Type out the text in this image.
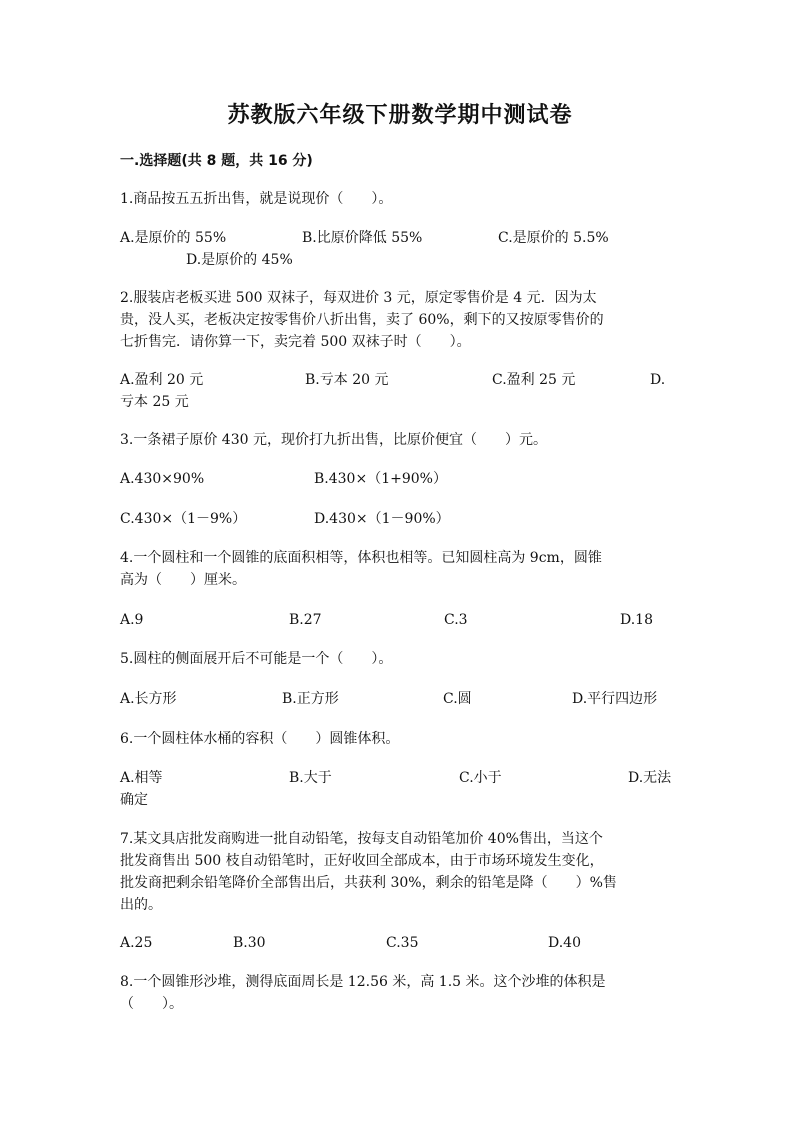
苏教版六年级下册数学期中测试卷
一.选择题(共 8 题，共 16 分)
1.商品按五五折出售，就是说现价（　　）。
A.是原价的 55%	B.比原价降低 55%	C.是原价的 5.5%
D.是原价的 45%
2.服装店老板买进 500 双袜子，每双进价 3 元，原定零售价是 4 元．因为太
贵，没人买，老板决定按零售价八折出售，卖了 60%，剩下的又按原零售价的
七折售完．请你算一下，卖完着 500 双袜子时（　　）。
A.盈利 20 元	B.亏本 20 元	C.盈利 25 元	D.
亏本 25 元
3.一条裙子原价 430 元，现价打九折出售，比原价便宜（　　）元。
A.430×90%	B.430×（1+90%）
C.430×（1－9%）	D.430×（1－90%）
4.一个圆柱和一个圆锥的底面积相等，体积也相等。已知圆柱高为 9cm，圆锥
高为（　　）厘米。
A.9	B.27	C.3	D.18
5.圆柱的侧面展开后不可能是一个（　　）。
A.长方形	B.正方形	C.圆	D.平行四边形
6.一个圆柱体水桶的容积（　　）圆锥体积。
A.相等	B.大于	C.小于	D.无法
确定
7.某文具店批发商购进一批自动铅笔，按每支自动铅笔加价 40%售出，当这个
批发商售出 500 枝自动铅笔时，正好收回全部成本，由于市场环境发生变化，
批发商把剩余铅笔降价全部售出后，共获利 30%，剩余的铅笔是降（　　）%售
出的。
A.25	B.30	C.35	D.40
8.一个圆锥形沙堆，测得底面周长是 12.56 米，高 1.5 米。这个沙堆的体积是
（　　）。
